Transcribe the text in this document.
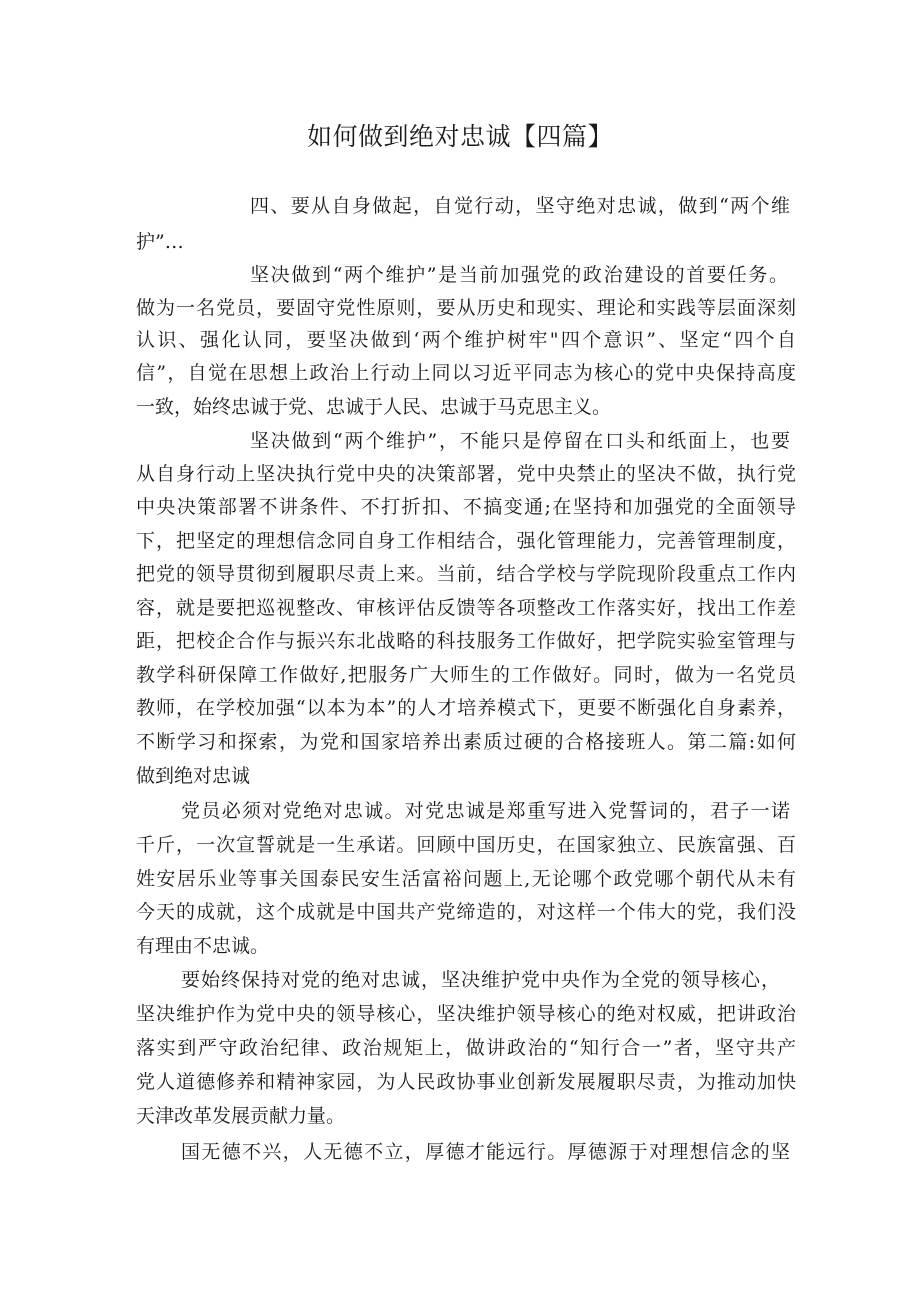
如何做到绝对忠诚【四篇】

四、要从自身做起，自觉行动，坚守绝对忠诚，做到“两个维

护”…

坚决做到“两个维护”是当前加强党的政治建设的首要任务。

做为一名党员，要固守党性原则，要从历史和现实、理论和实践等层面深刻

认识、强化认同，要坚决做到‘两个维护树牢"四个意识”、坚定“四个自

信”，自觉在思想上政治上行动上同以习近平同志为核心的党中央保持高度

一致，始终忠诚于党、忠诚于人民、忠诚于马克思主义。

坚决做到“两个维护”，不能只是停留在口头和纸面上，也要

从自身行动上坚决执行党中央的决策部署，党中央禁止的坚决不做，执行党

中央决策部署不讲条件、不打折扣、不搞变通;在坚持和加强党的全面领导

下，把坚定的理想信念同自身工作相结合，强化管理能力，完善管理制度，

把党的领导贯彻到履职尽责上来。当前，结合学校与学院现阶段重点工作内

容，就是要把巡视整改、审核评估反馈等各项整改工作落实好，找出工作差

距，把校企合作与振兴东北战略的科技服务工作做好，把学院实验室管理与

教学科研保障工作做好,把服务广大师生的工作做好。同时，做为一名党员

教师，在学校加强“以本为本”的人才培养模式下，更要不断强化自身素养，

不断学习和探索，为党和国家培养出素质过硬的合格接班人。第二篇:如何

做到绝对忠诚

党员必须对党绝对忠诚。对党忠诚是郑重写进入党誓词的，君子一诺

千斤，一次宣誓就是一生承诺。回顾中国历史，在国家独立、民族富强、百

姓安居乐业等事关国泰民安生活富裕问题上,无论哪个政党哪个朝代从未有

今天的成就，这个成就是中国共产党缔造的，对这样一个伟大的党，我们没

有理由不忠诚。

要始终保持对党的绝对忠诚，坚决维护党中央作为全党的领导核心，

坚决维护作为党中央的领导核心，坚决维护领导核心的绝对权威，把讲政治

落实到严守政治纪律、政治规矩上，做讲政治的“知行合一”者，坚守共产

党人道德修养和精神家园，为人民政协事业创新发展履职尽责，为推动加快

天津改革发展贡献力量。

国无德不兴，人无德不立，厚德才能远行。厚德源于对理想信念的坚
